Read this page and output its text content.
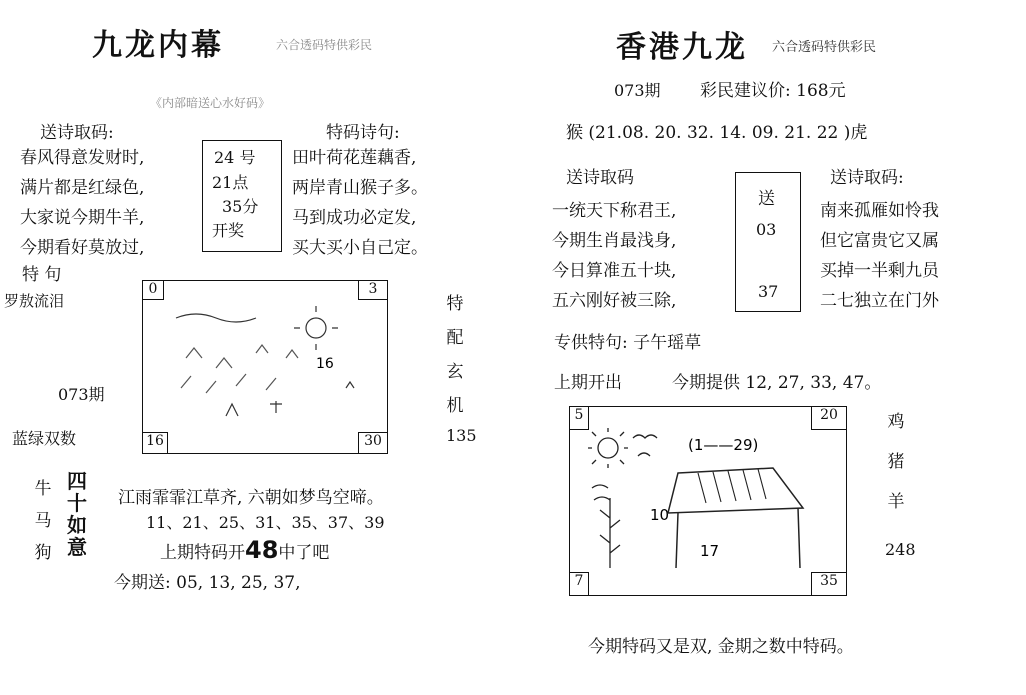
九龙内幕	六合透码特供彩民
《内部暗送心水好码》
送诗取码:	特码诗句:
春风得意发财时,
满片都是红绿色,
大家说今期牛羊,
今期看好莫放过,
24 号
21点
35分
开奖
田叶荷花莲藕香,
两岸青山猴子多。
马到成功必定发,
买大买小自己定。
特 句
罗敖流泪
073期
蓝绿双数
0	3
16	30
16
特 配 玄 机
135
牛 马 狗
四 十 如 意
江雨霏霏江草齐, 六朝如梦鸟空啼。
11、21、25、31、35、37、39
上期特码开48中了吧
今期送: 05, 13, 25, 37,
香港九龙 六合透码特供彩民
073期 彩民建议价: 168元
猴 (21.08. 20. 32. 14. 09. 21. 22 )虎
送诗取码	送诗取码:
一统天下称君王,
今期生肖最浅身,
今日算准五十块,
五六刚好被三除,
送
03
37
南来孤雁如怜我
但它富贵它又属
买掉一半剩九员
二七独立在门外
专供特句: 子午瑶草
上期开出	今期提供 12, 27, 33, 47。
5	20
7	35
(1——29)
10
17
鸡 猪 羊
248
今期特码又是双, 金期之数中特码。
